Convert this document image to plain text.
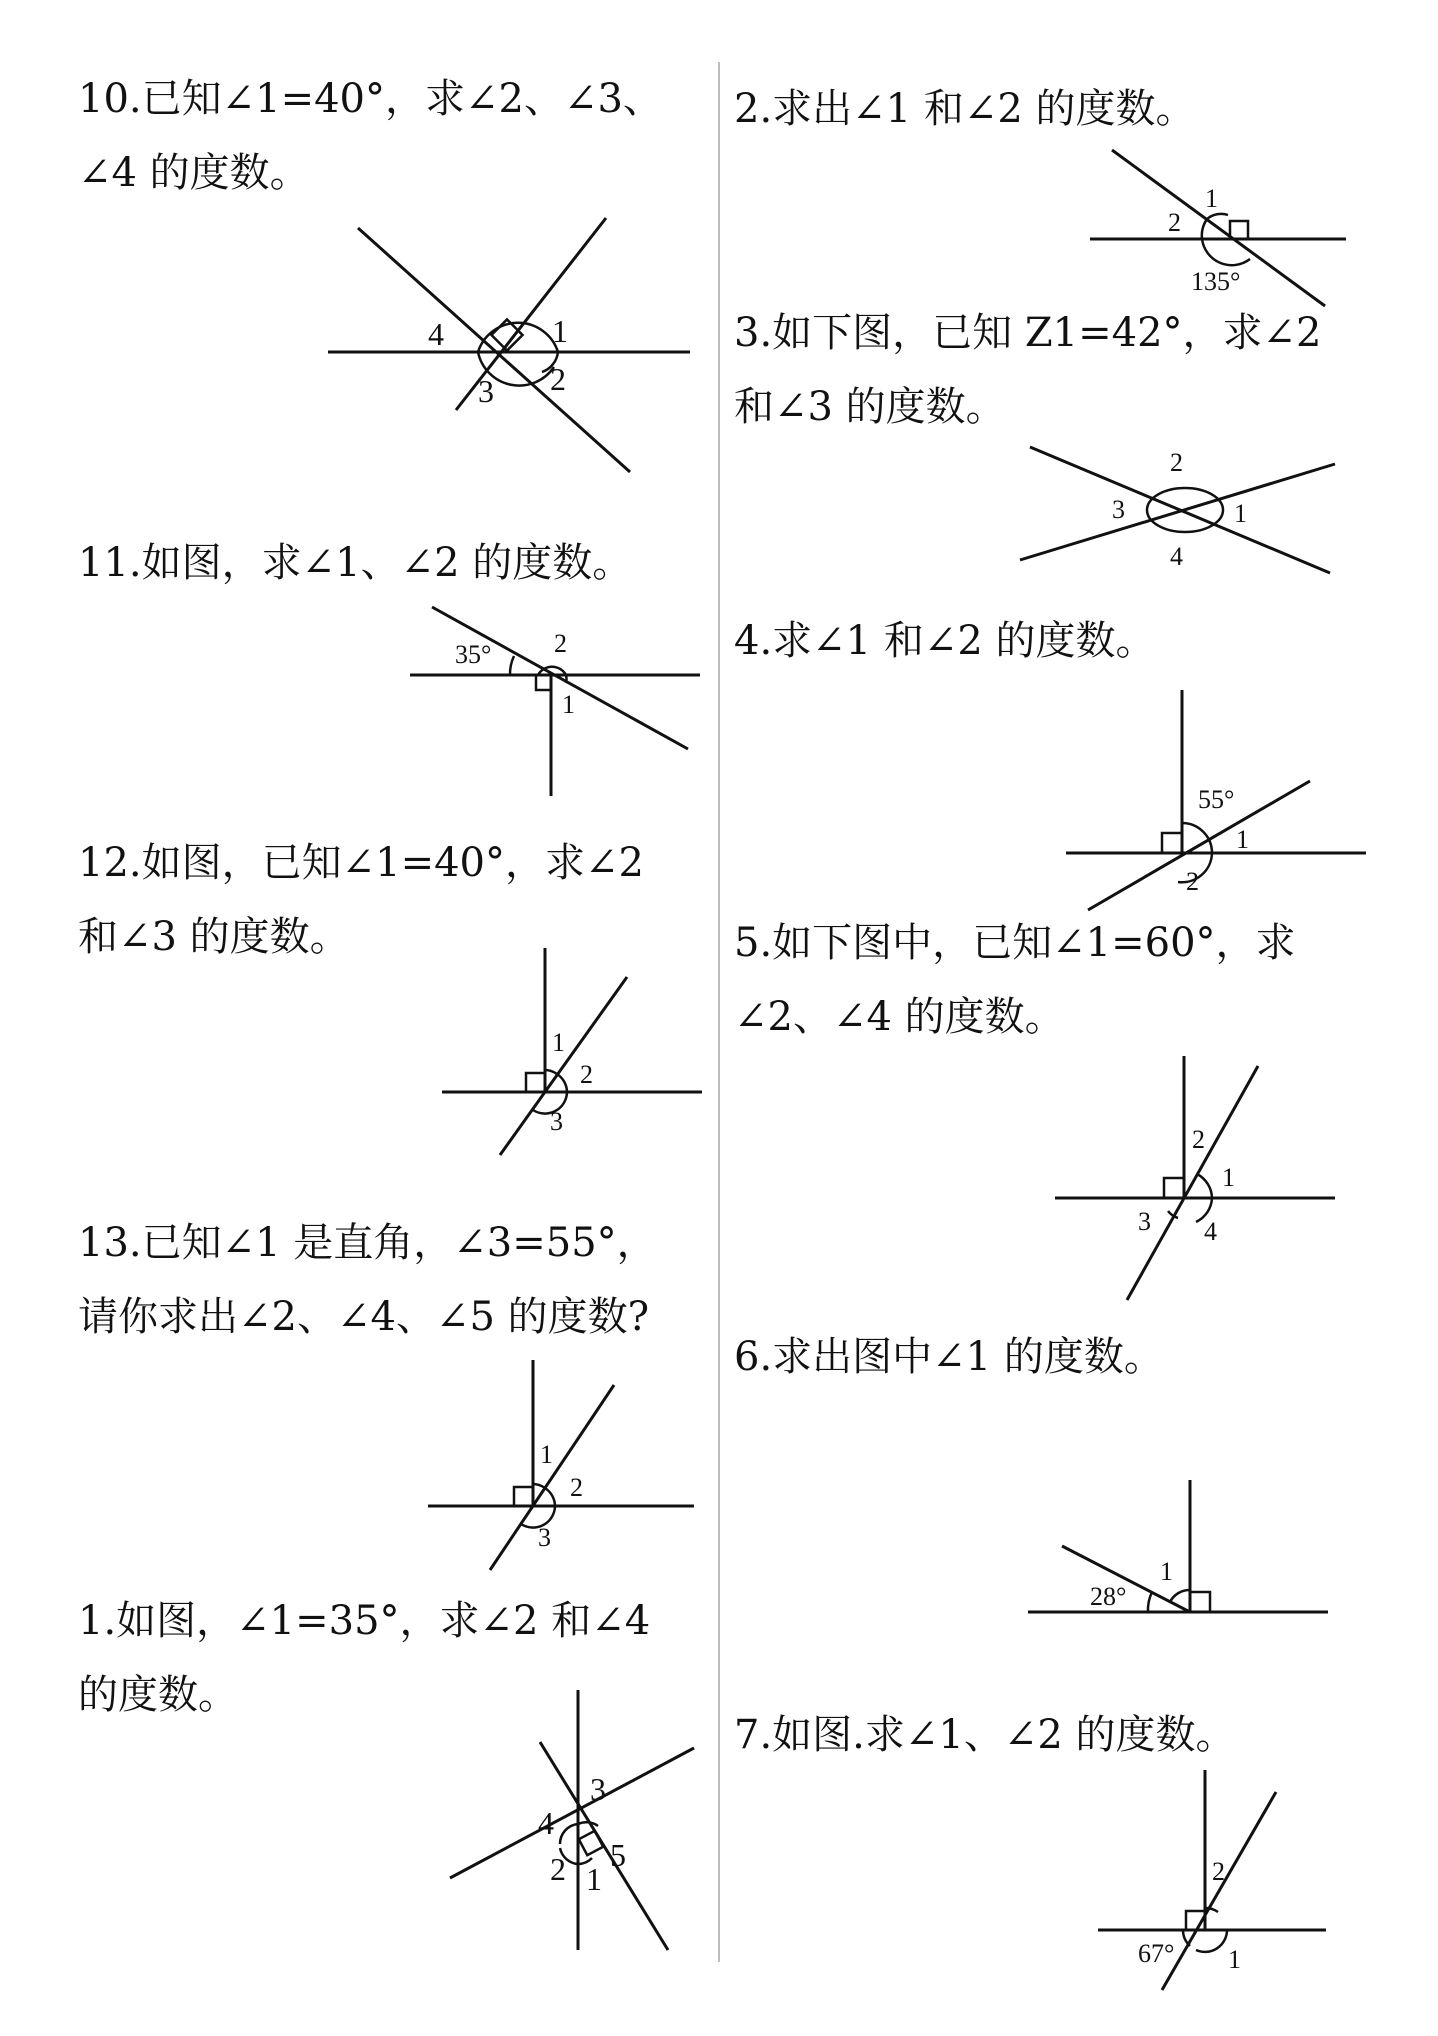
10.已知∠1=40°，求∠2、∠3、
∠4 的度数。

4	1
3 2

11.如图，求∠1、∠2 的度数。

35° 2
1

12.如图，已知∠1=40°，求∠2
和∠3 的度数。

1
2
3

13.已知∠1 是直角，∠3=55°，
请你求出∠2、∠4、∠5 的度数?

1
2
3

1.如图，∠1=35°，求∠2 和∠4
的度数。

3
4
5
2 1

2.求出∠1 和∠2 的度数。

1
2
135°

3.如下图，已知 Z1=42°，求∠2
和∠3 的度数。

2
3	1
4

4.求∠1 和∠2 的度数。

55°
1
2

5.如下图中，已知∠1=60°，求
∠2、∠4 的度数。

2
1
3 4

6.求出图中∠1 的度数。

1
28°

7.如图.求∠1、∠2 的度数。

2
67° 1
